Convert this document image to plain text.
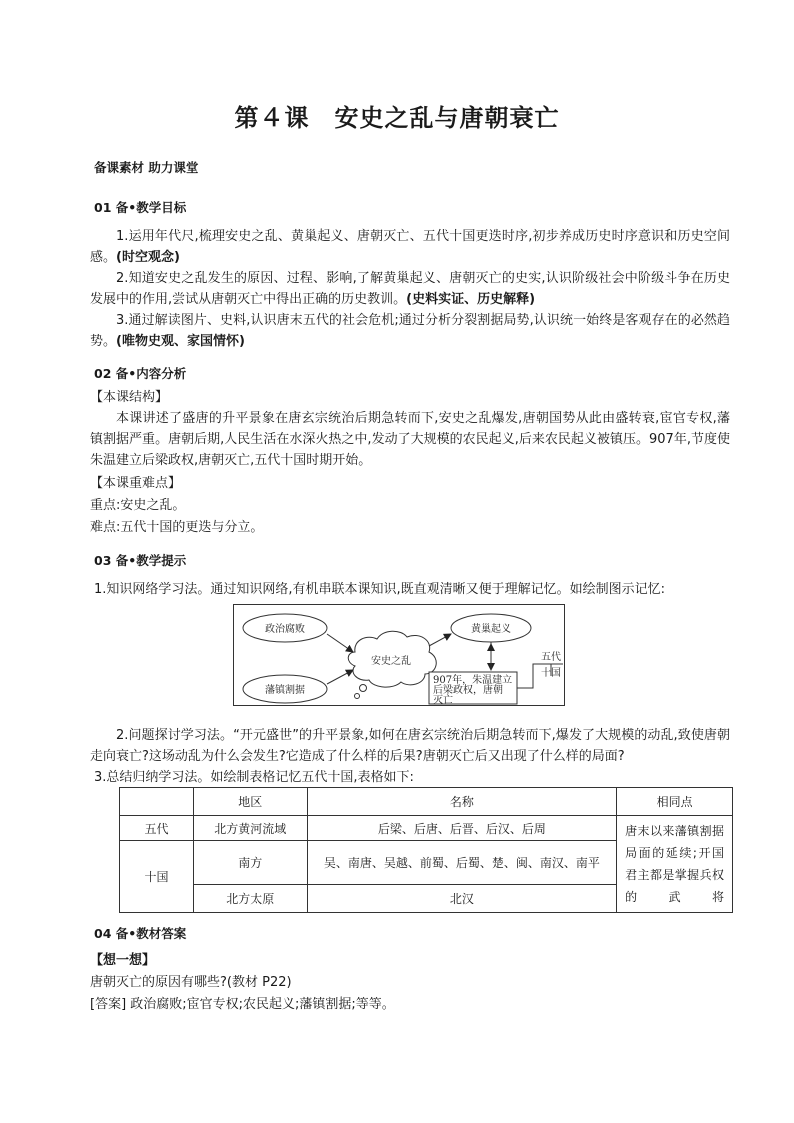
第４课　安史之乱与唐朝衰亡
备课素材 助力课堂
01 备•教学目标
1.运用年代尺,梳理安史之乱、黄巢起义、唐朝灭亡、五代十国更迭时序,初步养成历史时序意识和历史空间感。(时空观念)
2.知道安史之乱发生的原因、过程、影响,了解黄巢起义、唐朝灭亡的史实,认识阶级社会中阶级斗争在历史发展中的作用,尝试从唐朝灭亡中得出正确的历史教训。(史料实证、历史解释)
3.通过解读图片、史料,认识唐末五代的社会危机;通过分析分裂割据局势,认识统一始终是客观存在的必然趋势。(唯物史观、家国情怀)
02 备•内容分析
【本课结构】
本课讲述了盛唐的升平景象在唐玄宗统治后期急转而下,安史之乱爆发,唐朝国势从此由盛转衰,宦官专权,藩镇割据严重。唐朝后期,人民生活在水深火热之中,发动了大规模的农民起义,后来农民起义被镇压。907年,节度使朱温建立后梁政权,唐朝灭亡,五代十国时期开始。
【本课重难点】
重点:安史之乱。
难点:五代十国的更迭与分立。
03 备•教学提示
1.知识网络学习法。通过知识网络,有机串联本课知识,既直观清晰又便于理解记忆。如绘制图示记忆:
政治腐败
藩镇割据
安史之乱
黄巢起义
907年，朱温建立
后梁政权，唐朝
灭亡
五代
十国
2.问题探讨学习法。“开元盛世”的升平景象,如何在唐玄宗统治后期急转而下,爆发了大规模的动乱,致使唐朝走向衰亡?这场动乱为什么会发生?它造成了什么样的后果?唐朝灭亡后又出现了什么样的局面?
3.总结归纳学习法。如绘制表格记忆五代十国,表格如下:
	地区	名称	相同点
五代	北方黄河流域	后梁、后唐、后晋、后汉、后周	唐末以来藩镇割据局面的延续;开国君主都是掌握兵权的武将
十国	南方	吴、南唐、吴越、前蜀、后蜀、楚、闽、南汉、南平	
	北方太原	北汉	
04 备•教材答案
【想一想】
唐朝灭亡的原因有哪些?(教材 P22)
[答案] 政治腐败;宦官专权;农民起义;藩镇割据;等等。
